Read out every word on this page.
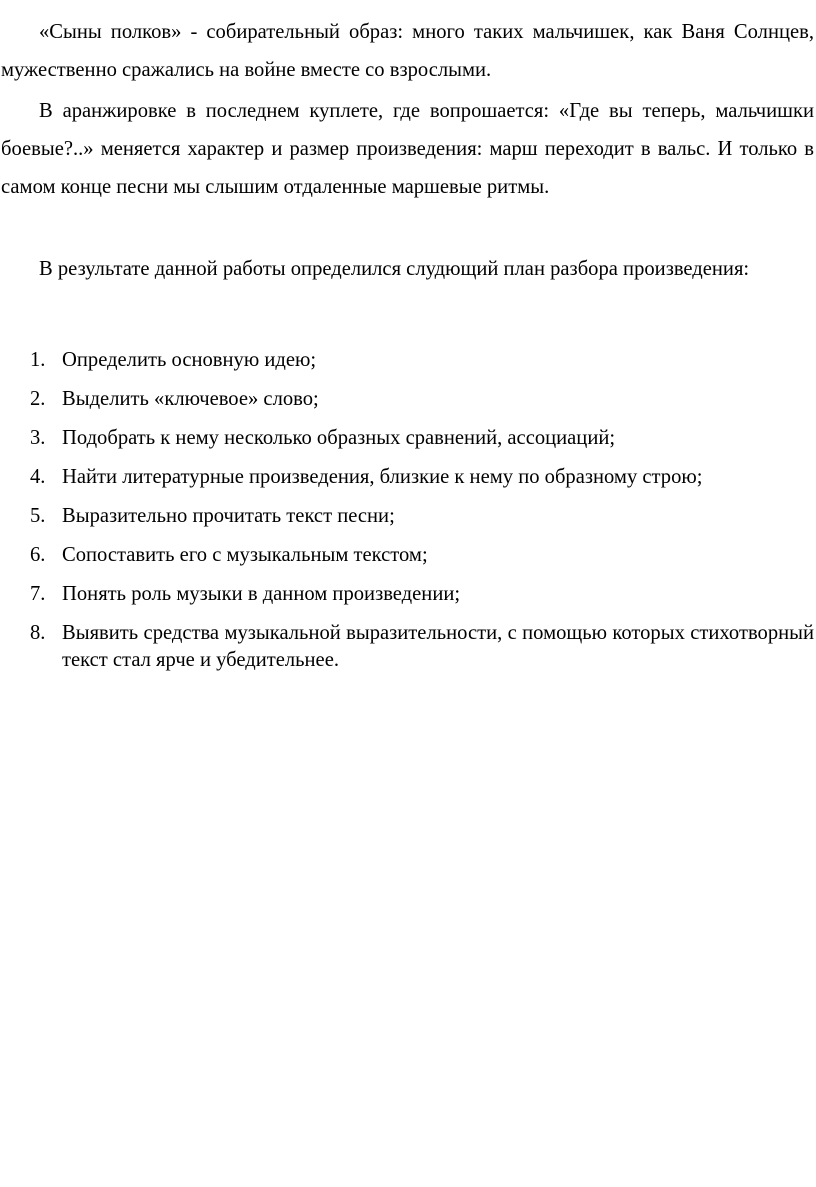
«Сыны полков» - собирательный образ: много таких мальчишек, как Ваня Солнцев, мужественно сражались на войне вместе со взрослыми.

В аранжировке в последнем куплете, где вопрошается: «Где вы теперь, мальчишки боевые?..» меняется характер и размер произведения: марш переходит в вальс. И только в самом конце песни мы слышим отдаленные маршевые ритмы.

В результате данной работы определился слудющий план разбора произведения:

1. Определить основную идею;
2. Выделить «ключевое» слово;
3. Подобрать к нему несколько образных сравнений, ассоциаций;
4. Найти литературные произведения, близкие к нему по образному строю;
5. Выразительно прочитать текст песни;
6. Сопоставить его с музыкальным текстом;
7. Понять роль музыки в данном произведении;
8. Выявить средства музыкальной выразительности, с помощью которых стихотворный текст стал ярче и убедительнее.
